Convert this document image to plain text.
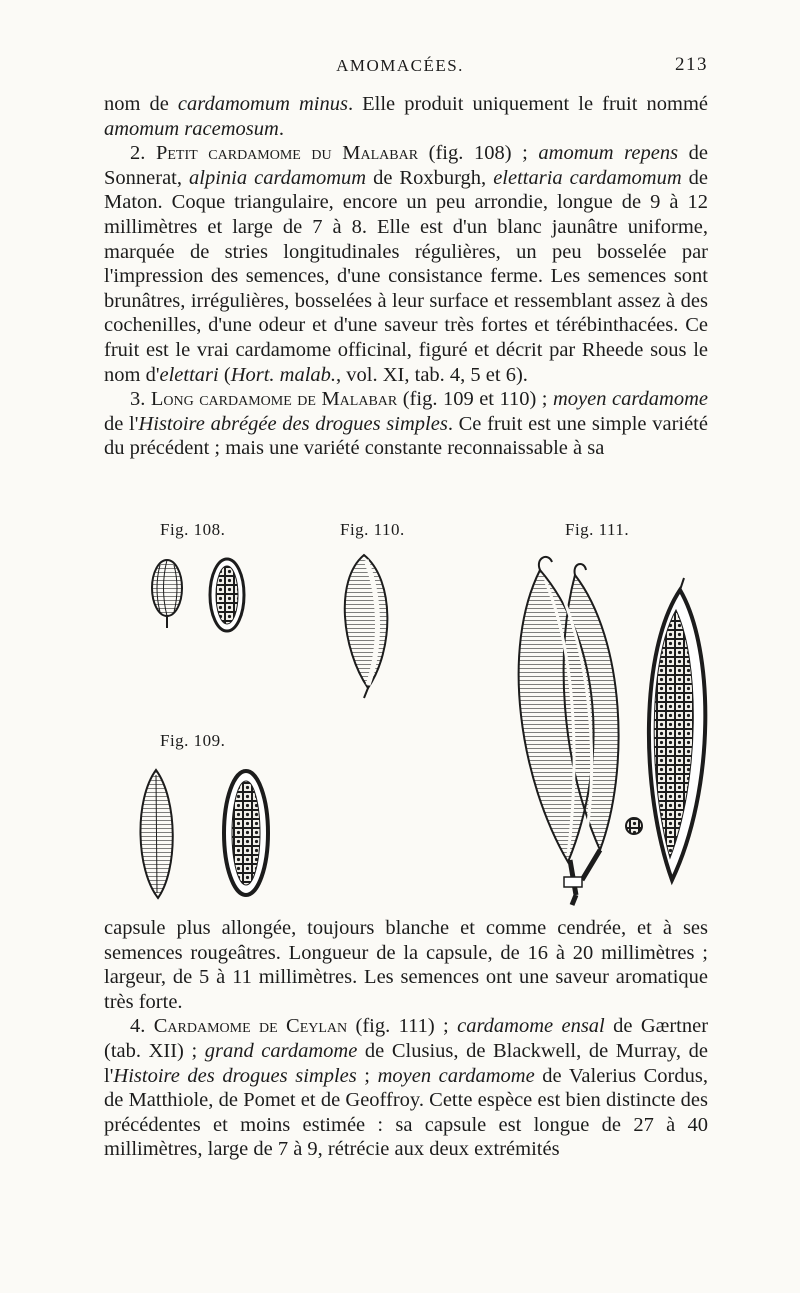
AMOMACÉES.	213

nom de cardamomum minus. Elle produit uniquement le fruit nommé amomum racemosum.

2. Petit cardamome du Malabar (fig. 108) ; amomum repens de Sonnerat, alpinia cardamomum de Roxburgh, elettaria cardamomum de Maton. Coque triangulaire, encore un peu arrondie, longue de 9 à 12 millimètres et large de 7 à 8. Elle est d'un blanc jaunâtre uniforme, marquée de stries longitudinales régulières, un peu bosselée par l'impression des semences, d'une consistance ferme. Les semences sont brunâtres, irrégulières, bosselées à leur surface et ressemblant assez à des cochenilles, d'une odeur et d'une saveur très fortes et térébinthacées. Ce fruit est le vrai cardamome officinal, figuré et décrit par Rheede sous le nom d'elettari (Hort. malab., vol. XI, tab. 4, 5 et 6).

3. Long cardamome de Malabar (fig. 109 et 110) ; moyen cardamome de l'Histoire abrégée des drogues simples. Ce fruit est une simple variété du précédent ; mais une variété constante reconnaissable à sa

Fig. 108.	Fig. 110.	Fig. 111.
Fig. 109.

capsule plus allongée, toujours blanche et comme cendrée, et à ses semences rougeâtres. Longueur de la capsule, de 16 à 20 millimètres ; largeur, de 5 à 11 millimètres. Les semences ont une saveur aromatique très forte.

4. Cardamome de Ceylan (fig. 111) ; cardamome ensal de Gærtner (tab. XII) ; grand cardamome de Clusius, de Blackwell, de Murray, de l'Histoire des drogues simples ; moyen cardamome de Valerius Cordus, de Matthiole, de Pomet et de Geoffroy. Cette espèce est bien distincte des précédentes et moins estimée : sa capsule est longue de 27 à 40 millimètres, large de 7 à 9, rétrécie aux deux extrémités
